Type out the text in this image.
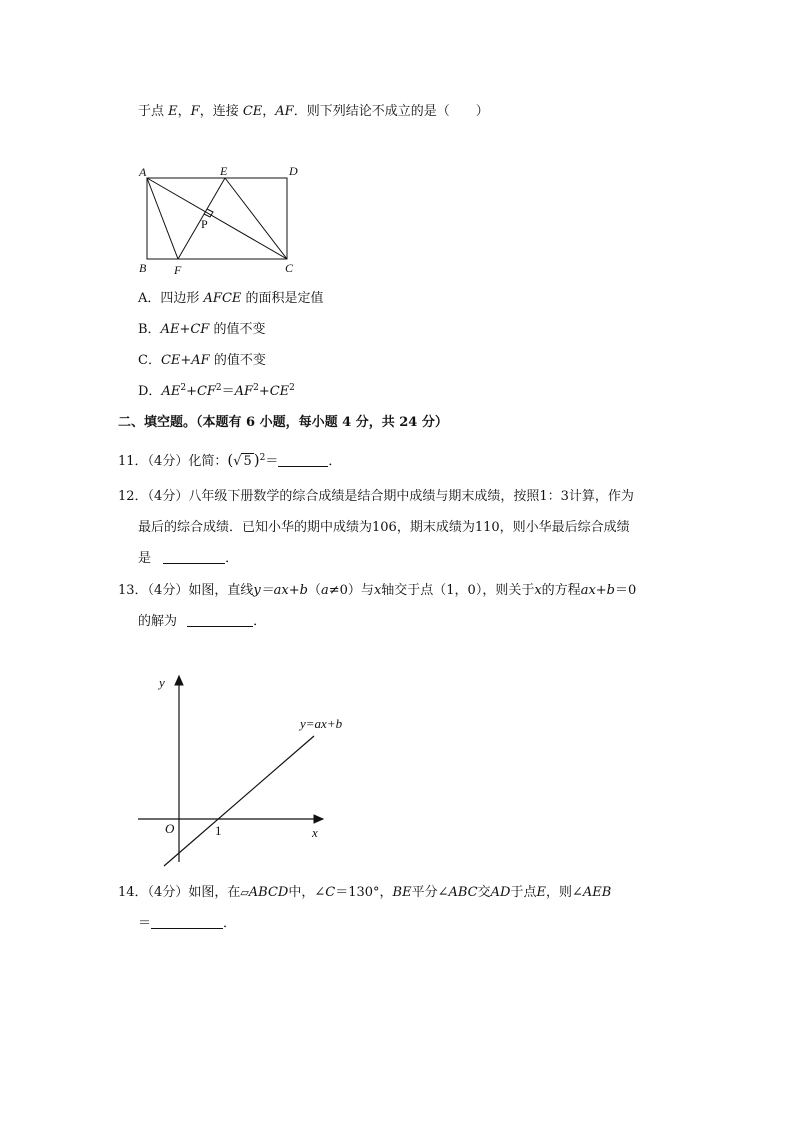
于点 E，F，连接 CE，AF．则下列结论不成立的是（　　）
A	E	D
P
B F	C
A．四边形 AFCE 的面积是定值
B．AE+CF 的值不变
C．CE+AF 的值不变
D．$AE^2+CF^2=AF^2+CE^2$
二、填空题。（本题有 6 小题，每小题 4 分，共 24 分）
11．（4分）化简：(√ 5 )$^2$＝	．
12．（4分）八年级下册数学的综合成绩是结合期中成绩与期末成绩，按照1：3计算，作为
最后的综合成绩．已知小华的期中成绩为106，期末成绩为110，则小华最后综合成绩
是	．
13．（4分）如图，直线y＝ax+b（a≠0）与x轴交于点（1，0），则关于x的方程ax+b＝0
的解为	．
y
x
O	1
y=ax+b
14．（4分）如图，在▱ABCD中，∠C＝130°，BE平分∠ABC交AD于点E，则∠AEB
＝	．
